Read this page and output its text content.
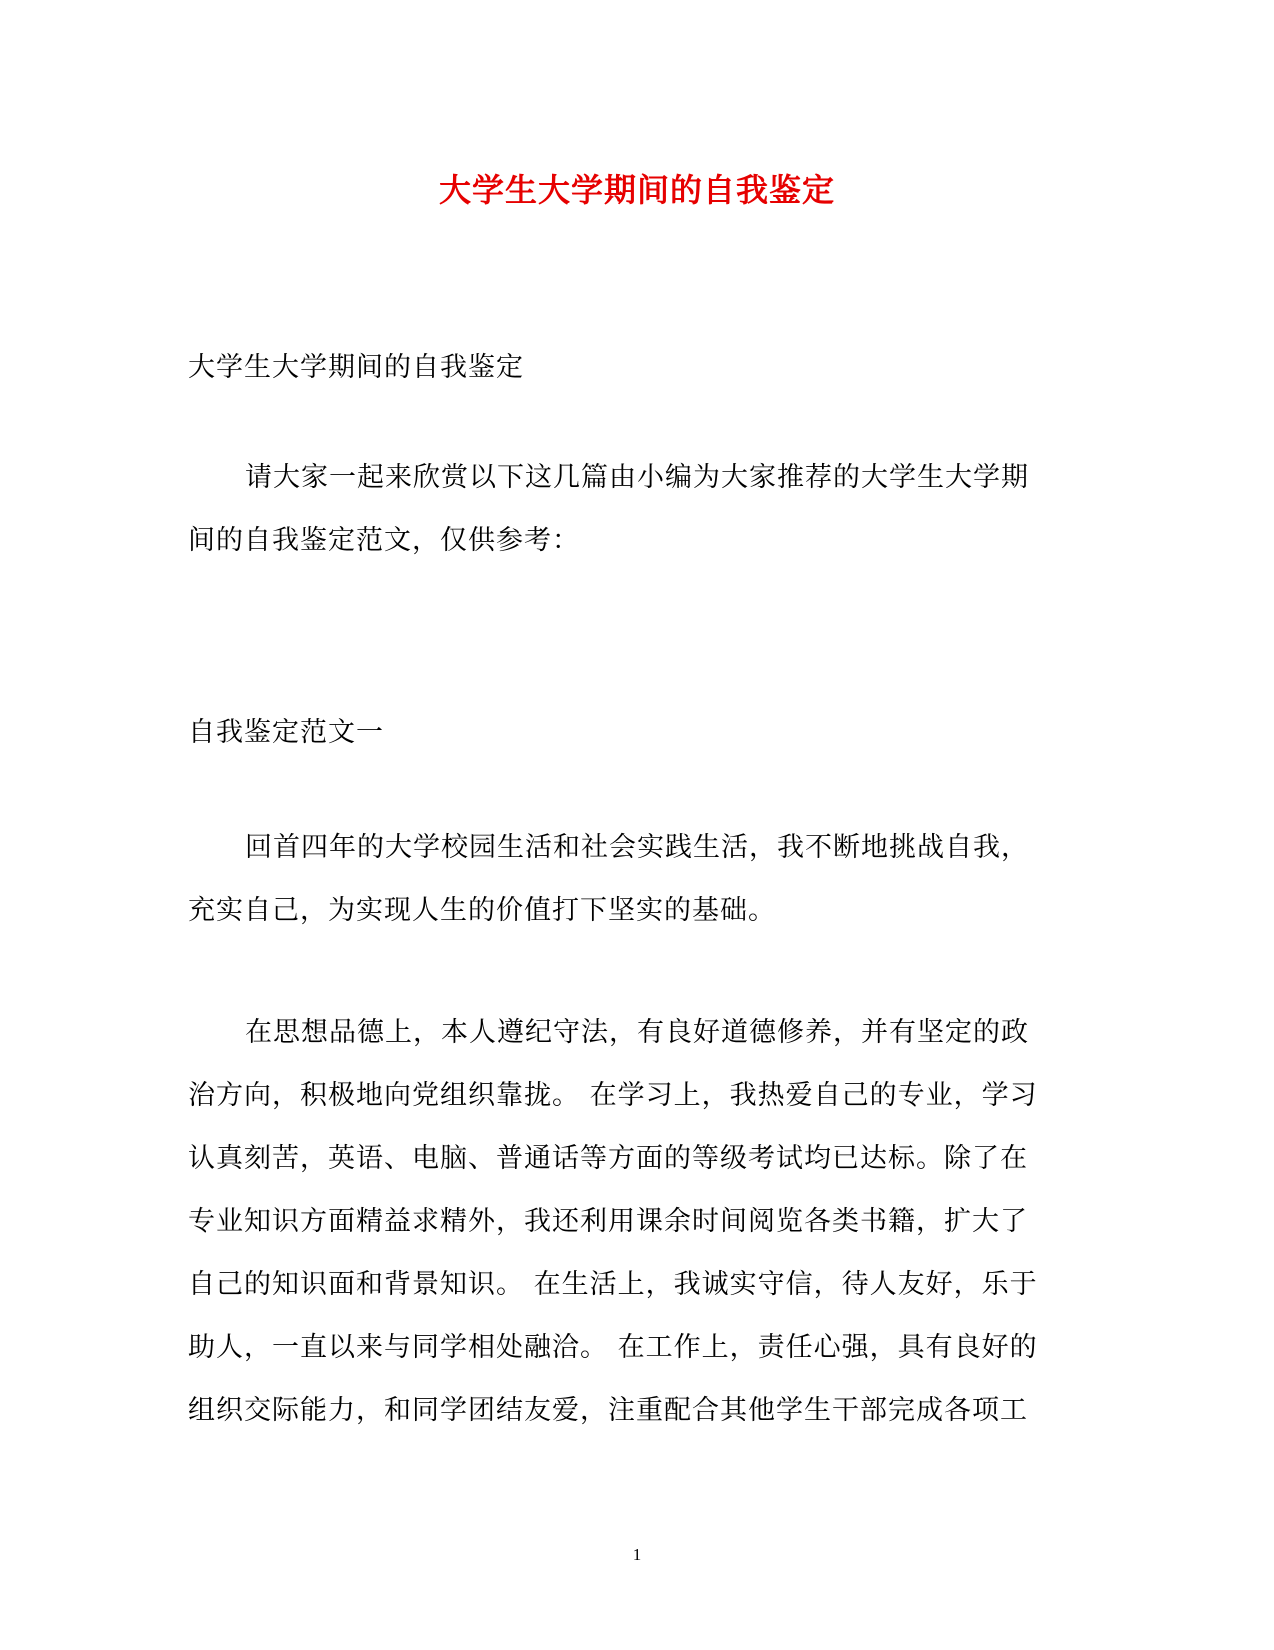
大学生大学期间的自我鉴定
大学生大学期间的自我鉴定
请大家一起来欣赏以下这几篇由小编为大家推荐的大学生大学期
间的自我鉴定范文，仅供参考：
自我鉴定范文一
回首四年的大学校园生活和社会实践生活，我不断地挑战自我，
充实自己，为实现人生的价值打下坚实的基础。
在思想品德上，本人遵纪守法，有良好道德修养，并有坚定的政
治方向，积极地向党组织靠拢。 在学习上，我热爱自己的专业，学习
认真刻苦，英语、电脑、普通话等方面的等级考试均已达标。除了在
专业知识方面精益求精外，我还利用课余时间阅览各类书籍，扩大了
自己的知识面和背景知识。 在生活上，我诚实守信，待人友好，乐于
助人，一直以来与同学相处融洽。 在工作上，责任心强，具有良好的
组织交际能力，和同学团结友爱，注重配合其他学生干部完成各项工
1
